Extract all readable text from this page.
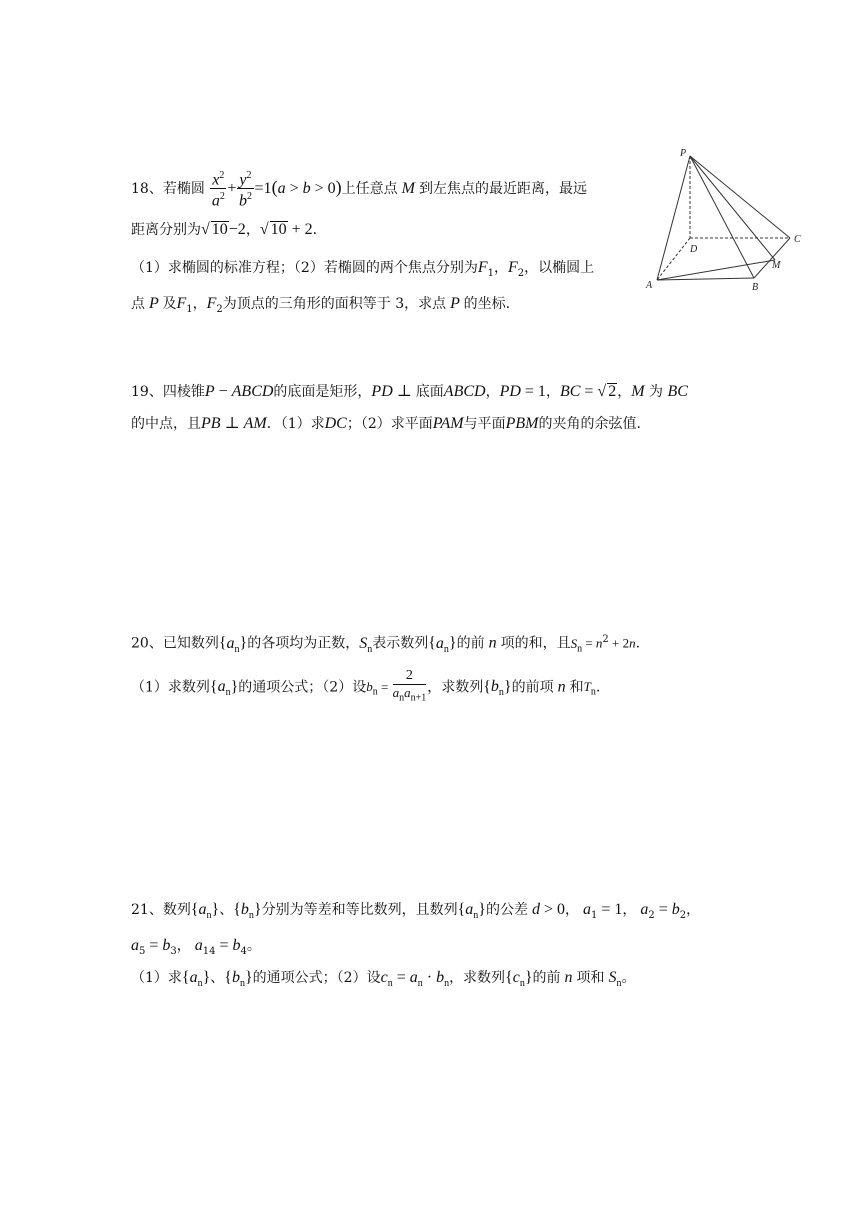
P
D
C
A	B
M
18、若椭圆 $\frac{x^2}{a^2} + \frac{y^2}{b^2} =1(a > b > 0)$上任意点 M 到左焦点的最近距离，最远
距离分别为√ 10−2，√ 10 + 2．
（1）求椭圆的标准方程；（2）若椭圆的两个焦点分别为$F_1$，$F_2$，以椭圆上
点 P 及$F_1$，$F_2$为顶点的三角形的面积等于 3，求点 P 的坐标.
19、四棱锥P − ABCD的底面是矩形，PD ⊥ 底面ABCD，PD = 1，BC = √ 2，M 为 BC
的中点，且PB ⊥ AM．（1）求DC；（2）求平面PAM与平面PBM的夹角的余弦值.
20、已知数列$\{a_n\}$的各项均为正数，$S_n$表示数列$\{a_n\}$的前 n 项的和，且$S_n = n^2 + 2n$.
（1）求数列$\{a_n\}$的通项公式；（2）设$b_n = \frac{2}{a_na_{n+1}}$ ，求数列$\{b_n\}$的前项 n 和$T_n$.
21、数列$\{a_n\}$、$\{b_n\}$分别为等差和等比数列，且数列$\{a_n\}$的公差 d > 0， $a_1 = 1$， $a_2 = b_2$，
$a_5 = b_3$， $a_{14} = b_4$。
（1）求$\{a_n\}$、$\{b_n\}$的通项公式；（2）设$c_n = a_n \cdot b_n$，求数列$\{c_n\}$的前 n 项和 $S_n$。
